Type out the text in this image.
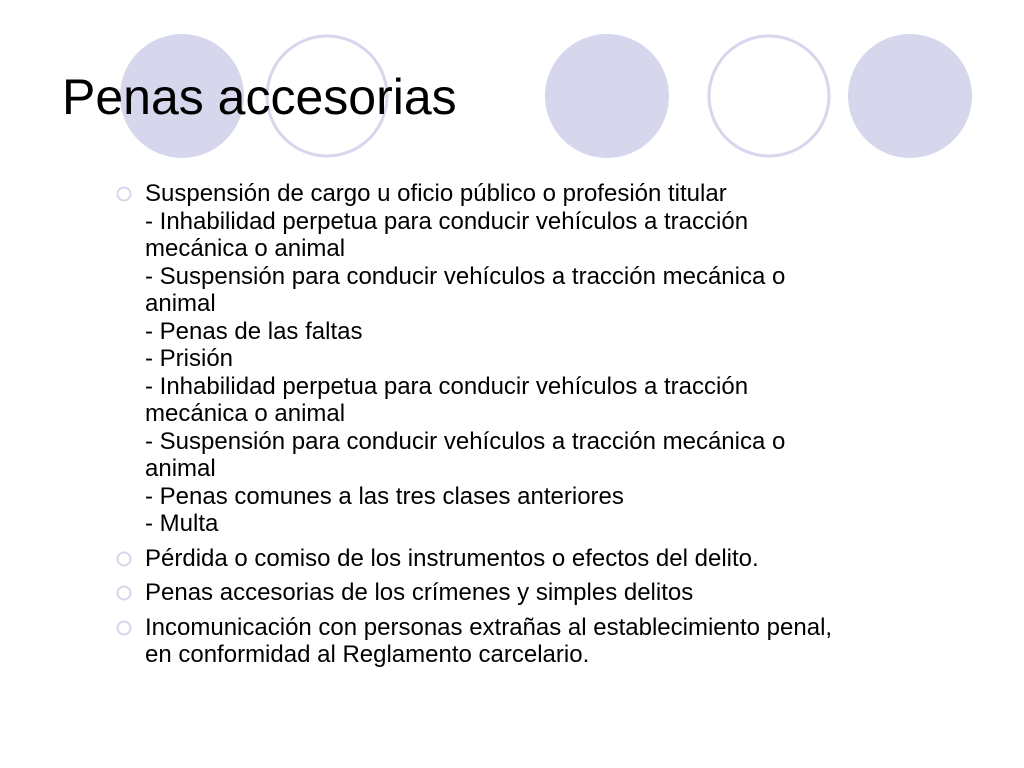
Penas accesorias
Suspensión de cargo u oficio público o profesión titular
- Inhabilidad perpetua para conducir vehículos a tracción
mecánica o animal
- Suspensión para conducir vehículos a tracción mecánica o
animal
- Penas de las faltas
- Prisión
- Inhabilidad perpetua para conducir vehículos a tracción
mecánica o animal
- Suspensión para conducir vehículos a tracción mecánica o
animal
- Penas comunes a las tres clases anteriores
- Multa
Pérdida o comiso de los instrumentos o efectos del delito.
Penas accesorias de los crímenes y simples delitos
Incomunicación con personas extrañas al establecimiento penal,
en conformidad al Reglamento carcelario.
